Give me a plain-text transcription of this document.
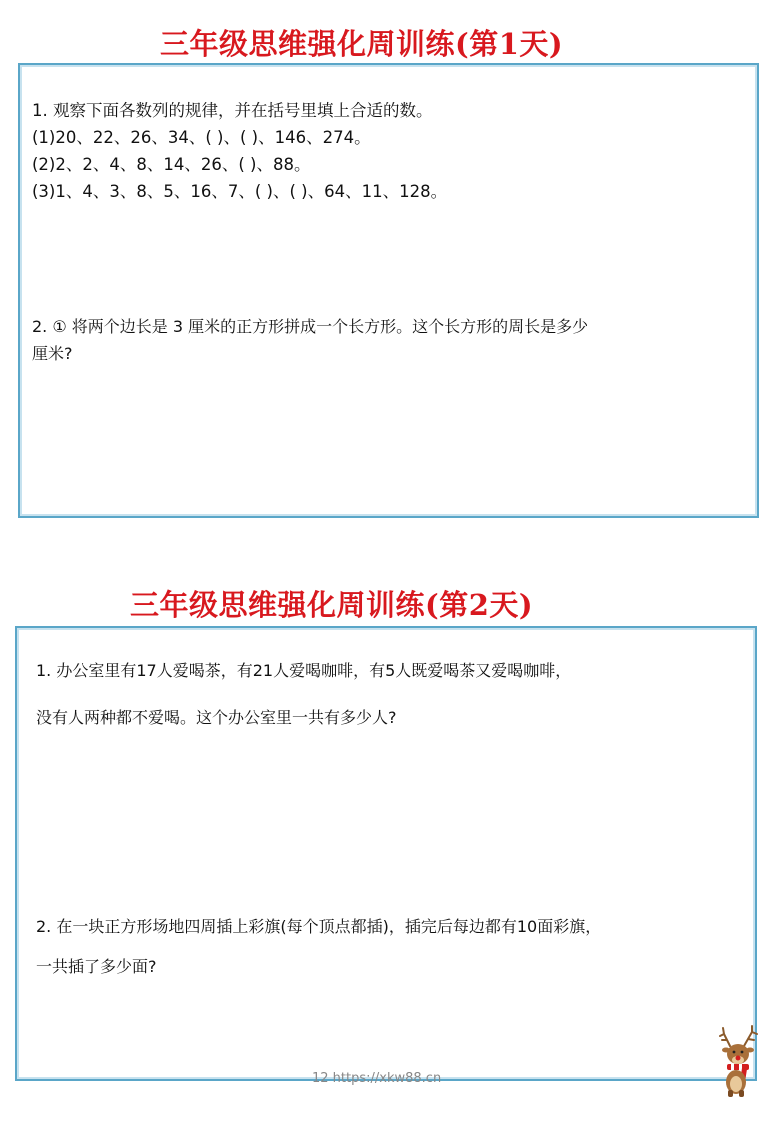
三年级思维强化周训练(第1天)
1. 观察下面各数列的规律，并在括号里填上合适的数。
(1)20、22、26、34、( )、( )、146、274。
(2)2、2、4、8、14、26、( )、88。
(3)1、4、3、8、5、16、7、( )、( )、64、11、128。
2. ① 将两个边长是 3 厘米的正方形拼成一个长方形。这个长方形的周长是多少
厘米?
三年级思维强化周训练(第2天)
1. 办公室里有17人爱喝茶，有21人爱喝咖啡，有5人既爱喝茶又爱喝咖啡，
没有人两种都不爱喝。这个办公室里一共有多少人?
2. 在一块正方形场地四周插上彩旗(每个顶点都插)，插完后每边都有10面彩旗，
一共插了多少面?
12 https://xkw88.cn
